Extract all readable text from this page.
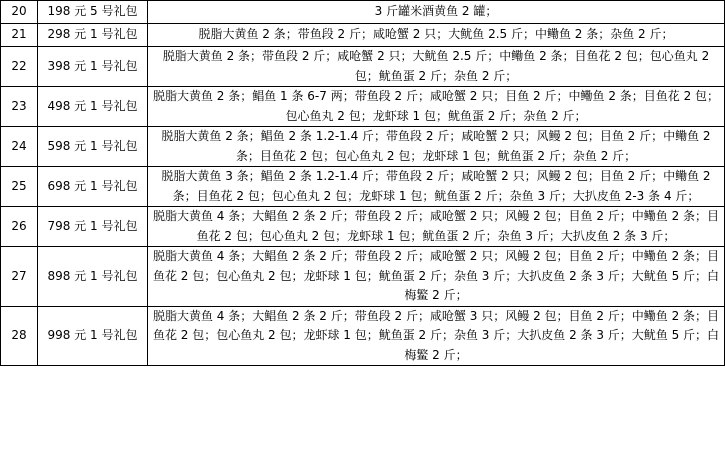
20	198 元 5 号礼包	3 斤罐米酒黄鱼 2 罐；
21	298 元 1 号礼包	脱脂大黄鱼 2 条；带鱼段 2 斤；咸呛蟹 2 只；大鱿鱼 2.5 斤；中鳓鱼 2 条；杂鱼 2 斤；
22	398 元 1 号礼包	脱脂大黄鱼 2 条；带鱼段 2 斤；咸呛蟹 2 只；大鱿鱼 2.5 斤；中鳓鱼 2 条；目鱼花 2 包；包心鱼丸 2 包；鱿鱼蛋 2 斤；杂鱼 2 斤；
23	498 元 1 号礼包	脱脂大黄鱼 2 条；鲳鱼 1 条 6-7 两；带鱼段 2 斤；咸呛蟹 2 只；目鱼 2 斤；中鳓鱼 2 条；目鱼花 2 包；包心鱼丸 2 包；龙虾球 1 包；鱿鱼蛋 2 斤；杂鱼 2 斤；
24	598 元 1 号礼包	脱脂大黄鱼 2 条；鲳鱼 2 条 1.2-1.4 斤；带鱼段 2 斤；咸呛蟹 2 只；风鳗 2 包；目鱼 2 斤；中鳓鱼 2 条；目鱼花 2 包；包心鱼丸 2 包；龙虾球 1 包；鱿鱼蛋 2 斤；杂鱼 2 斤；
25	698 元 1 号礼包	脱脂大黄鱼 3 条；鲳鱼 2 条 1.2-1.4 斤；带鱼段 2 斤；咸呛蟹 2 只；风鳗 2 包；目鱼 2 斤；中鳓鱼 2 条；目鱼花 2 包；包心鱼丸 2 包；龙虾球 1 包；鱿鱼蛋 2 斤；杂鱼 3 斤；大扒皮鱼 2-3 条 4 斤；
26	798 元 1 号礼包	脱脂大黄鱼 4 条；大鲳鱼 2 条 2 斤；带鱼段 2 斤；咸呛蟹 2 只；风鳗 2 包；目鱼 2 斤；中鳓鱼 2 条；目鱼花 2 包；包心鱼丸 2 包；龙虾球 1 包；鱿鱼蛋 2 斤；杂鱼 3 斤；大扒皮鱼 2 条 3 斤；
27	898 元 1 号礼包	脱脂大黄鱼 4 条；大鲳鱼 2 条 2 斤；带鱼段 2 斤；咸呛蟹 2 只；风鳗 2 包；目鱼 2 斤；中鳓鱼 2 条；目鱼花 2 包；包心鱼丸 2 包；龙虾球 1 包；鱿鱼蛋 2 斤；杂鱼 3 斤；大扒皮鱼 2 条 3 斤；大鱿鱼 5 斤；白梅鳘 2 斤；
28	998 元 1 号礼包	脱脂大黄鱼 4 条；大鲳鱼 2 条 2 斤；带鱼段 2 斤；咸呛蟹 3 只；风鳗 2 包；目鱼 2 斤；中鳓鱼 2 条；目鱼花 2 包；包心鱼丸 2 包；龙虾球 1 包；鱿鱼蛋 2 斤；杂鱼 3 斤；大扒皮鱼 2 条 3 斤；大鱿鱼 5 斤；白梅鳘 2 斤；
